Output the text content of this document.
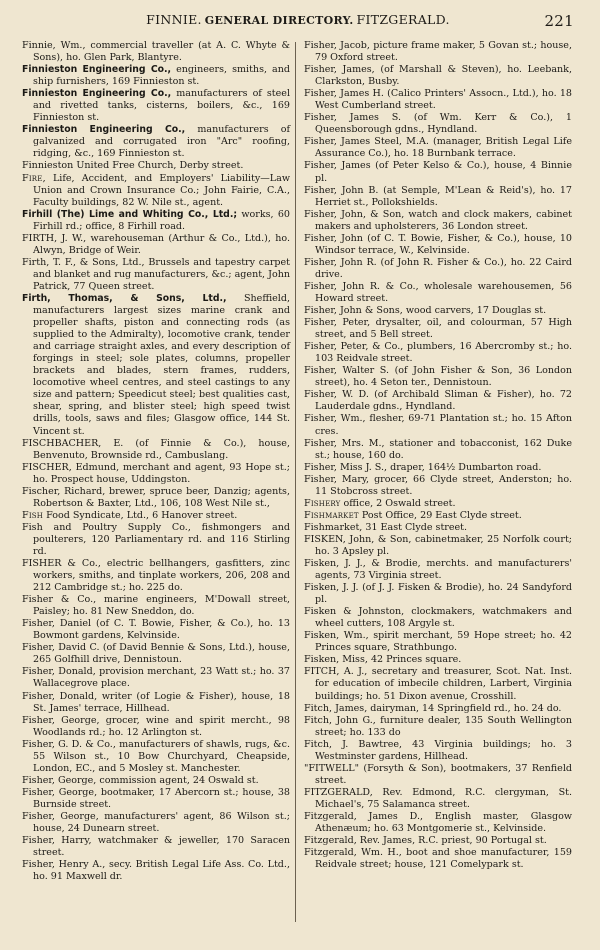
FINNIE. GENERAL DIRECTORY. FITZGERALD.	221

Finnie, Wm., commercial traveller (at A. C. Whyte & Sons), ho. Glen Park, Blantyre.

Finnieston Engineering Co., engineers, smiths, and ship furnishers, 169 Finnieston st.

Finnieston Engineering Co., manufacturers of steel and rivetted tanks, cisterns, boilers, &c., 169 Finnieston st.

Finnieston Engineering Co., manufacturers of galvanized and corrugated iron "Arc" roofing, ridging, &c., 169 Finnieston st.

Finnieston United Free Church, Derby street.

Fire, Life, Accident, and Employers' Liability—Law Union and Crown Insurance Co.; John Fairie, C.A., Faculty buildings, 82 W. Nile st., agent.

Firhill (The) Lime and Whiting Co., Ltd.; works, 60 Firhill rd.; office, 8 Firhill road.

FIRTH, J. W., warehouseman (Arthur & Co., Ltd.), ho. Alwyn, Bridge of Weir.

Firth, T. F., & Sons, Ltd., Brussels and tapestry carpet and blanket and rug manufacturers, &c.; agent, John Patrick, 77 Queen street.

Firth, Thomas, & Sons, Ltd., Sheffield, manufacturers largest sizes marine crank and propeller shafts, piston and connecting rods (as supplied to the Admiralty), locomotive crank, tender and carriage straight axles, and every description of forgings in steel; sole plates, columns, propeller brackets and blades, stern frames, rudders, locomotive wheel centres, and steel castings to any size and pattern; Speedicut steel; best qualities cast, shear, spring, and blister steel; high speed twist drills, tools, saws and files; Glasgow office, 144 St. Vincent st.

FISCHBACHER, E. (of Finnie & Co.), house, Benvenuto, Brownside rd., Cambuslang.

FISCHER, Edmund, merchant and agent, 93 Hope st.; ho. Prospect house, Uddingston.

Fischer, Richard, brewer, spruce beer, Danzig; agents, Robertson & Baxter, Ltd., 106, 108 West Nile st.,

Fish Food Syndicate, Ltd., 6 Hanover street.

Fish and Poultry Supply Co., fishmongers and poulterers, 120 Parliamentary rd. and 116 Stirling rd.

FISHER & Co., electric bellhangers, gasfitters, zinc workers, smiths, and tinplate workers, 206, 208 and 212 Cambridge st.; ho. 225 do.

Fisher & Co., marine engineers, M'Dowall street, Paisley; ho. 81 New Sneddon, do.

Fisher, Daniel (of C. T. Bowie, Fisher, & Co.), ho. 13 Bowmont gardens, Kelvinside.

Fisher, David C. (of David Bennie & Sons, Ltd.), house, 265 Golfhill drive, Dennistoun.

Fisher, Donald, provision merchant, 23 Watt st.; ho. 37 Wallacegrove place.

Fisher, Donald, writer (of Logie & Fisher), house, 18 St. James' terrace, Hillhead.

Fisher, George, grocer, wine and spirit mercht., 98 Woodlands rd.; ho. 12 Arlington st.

Fisher, G. D. & Co., manufacturers of shawls, rugs, &c. 55 Wilson st., 10 Bow Churchyard, Cheapside, London, EC., and 5 Mosley st. Manchester.

Fisher, George, commission agent, 24 Oswald st.

Fisher, George, bootmaker, 17 Abercorn st.; house, 38 Burnside street.

Fisher, George, manufacturers' agent, 86 Wilson st.; house, 24 Dunearn street.

Fisher, Harry, watchmaker & jeweller, 170 Saracen street.

Fisher, Henry A., secy. British Legal Life Ass. Co. Ltd., ho. 91 Maxwell dr.

Fisher, Jacob, picture frame maker, 5 Govan st.; house, 79 Oxford street.

Fisher, James, (of Marshall & Steven), ho. Leebank, Clarkston, Busby.

Fisher, James H. (Calico Printers' Assocn., Ltd.), ho. 18 West Cumberland street.

Fisher, James S. (of Wm. Kerr & Co.), 1 Queensborough gdns., Hyndland.

Fisher, James Steel, M.A. (manager, British Legal Life Assurance Co.), ho. 18 Burnbank terrace.

Fisher, James (of Peter Kelso & Co.), house, 4 Binnie pl.

Fisher, John B. (at Semple, M'Lean & Reid's), ho. 17 Herriet st., Pollokshields.

Fisher, John, & Son, watch and clock makers, cabinet makers and upholsterers, 36 London street.

Fisher, John (of C. T. Bowie, Fisher, & Co.), house, 10 Windsor terrace, W., Kelvinside.

Fisher, John R. (of John R. Fisher & Co.), ho. 22 Caird drive.

Fisher, John R. & Co., wholesale warehousemen, 56 Howard street.

Fisher, John & Sons, wood carvers, 17 Douglas st.

Fisher, Peter, drysalter, oil, and colourman, 57 High street, and 5 Bell street.

Fisher, Peter, & Co., plumbers, 16 Abercromby st.; ho. 103 Reidvale street.

Fisher, Walter S. (of John Fisher & Son, 36 London street), ho. 4 Seton ter., Dennistoun.

Fisher, W. D. (of Archibald Sliman & Fisher), ho. 72 Lauderdale gdns., Hyndland.

Fisher, Wm., flesher, 69-71 Plantation st.; ho. 15 Afton cres.

Fisher, Mrs. M., stationer and tobacconist, 162 Duke st.; house, 160 do.

Fisher, Miss J. S., draper, 164½ Dumbarton road.

Fisher, Mary, grocer, 66 Clyde street, Anderston; ho. 11 Stobcross street.

Fishery office, 2 Oswald street.

Fishmarket Post Office, 29 East Clyde street.

Fishmarket, 31 East Clyde street.

FISKEN, John, & Son, cabinetmaker, 25 Norfolk court; ho. 3 Apsley pl.

Fisken, J. J., & Brodie, merchts. and manufacturers' agents, 73 Virginia street.

Fisken, J. J. (of J. J. Fisken & Brodie), ho. 24 Sandyford pl.

Fisken & Johnston, clockmakers, watchmakers and wheel cutters, 108 Argyle st.

Fisken, Wm., spirit merchant, 59 Hope street; ho. 42 Princes square, Strathbungo.

Fisken, Miss, 42 Princes square.

FITCH, A. J., secretary and treasurer, Scot. Nat. Inst. for education of imbecile children, Larbert, Virginia buildings; ho. 51 Dixon avenue, Crosshill.

Fitch, James, dairyman, 14 Springfield rd., ho. 24 do.

Fitch, John G., furniture dealer, 135 South Wellington street; ho. 133 do

Fitch, J. Bawtree, 43 Virginia buildings; ho. 3 Westminster gardens, Hillhead.

"FITWELL" (Forsyth & Son), bootmakers, 37 Renfield street.

FITZGERALD, Rev. Edmond, R.C. clergyman, St. Michael's, 75 Salamanca street.

Fitzgerald, James D., English master, Glasgow Athenæum; ho. 63 Montgomerie st., Kelvinside.

Fitzgerald, Rev. James, R.C. priest, 90 Portugal st.

Fitzgerald, Wm. H., boot and shoe manufacturer, 159 Reidvale street; house, 121 Comelypark st.
